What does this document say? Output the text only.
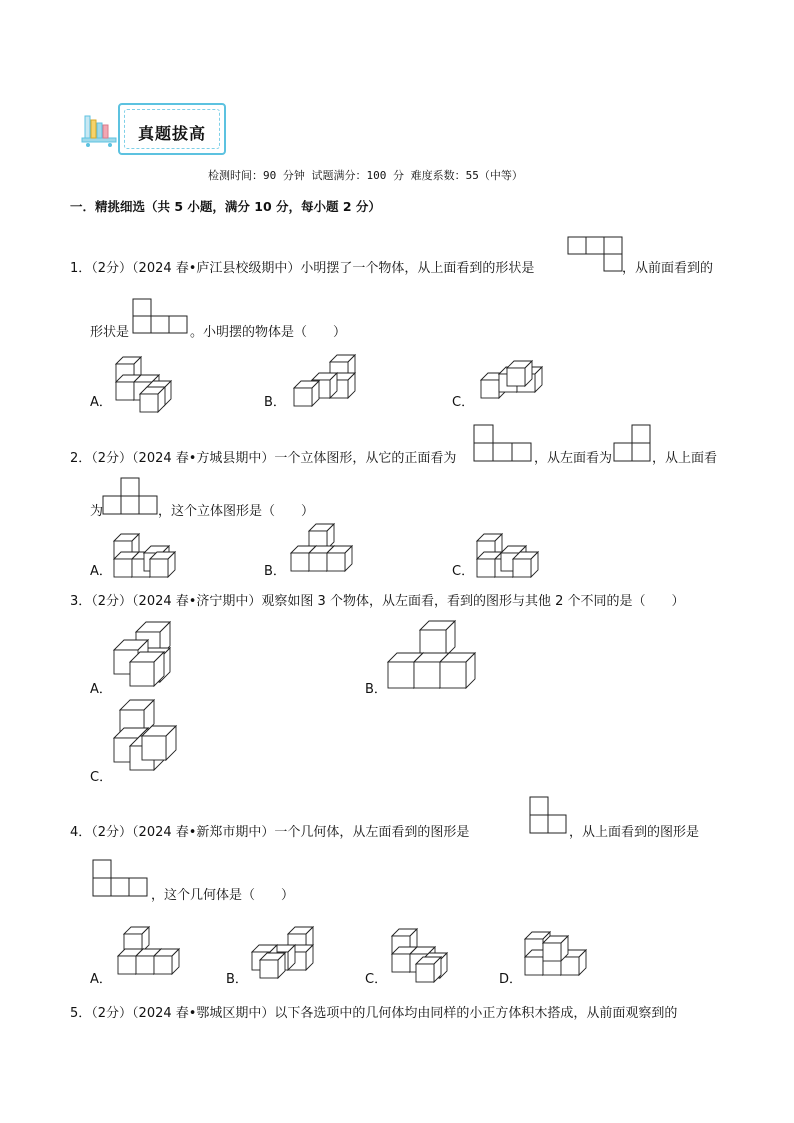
真题拔高
检测时间：90 分钟 试题满分：100 分 难度系数：55（中等）
一．精挑细选（共 5 小题，满分 10 分，每小题 2 分）
1．（2分）（2024 春•庐江县校级期中）小明摆了一个物体，从上面看到的形状是	，从前面看到的
形状是	。小明摆的物体是（　　）
A．	B．	C．
2．（2分）（2024 春•方城县期中）一个立体图形，从它的正面看为	，从左面看为	，从上面看
为	，这个立体图形是（　　）
A．	B．	C．
3．（2分）（2024 春•济宁期中）观察如图 3 个物体，从左面看，看到的图形与其他 2 个不同的是（　　）
A．	B．
C．
4．（2分）（2024 春•新郑市期中）一个几何体，从左面看到的图形是	，从上面看到的图形是
，这个几何体是（　　）
A．	B．	C．	D．
5．（2分）（2024 春•鄂城区期中）以下各选项中的几何体均由同样的小正方体积木搭成，从前面观察到的
